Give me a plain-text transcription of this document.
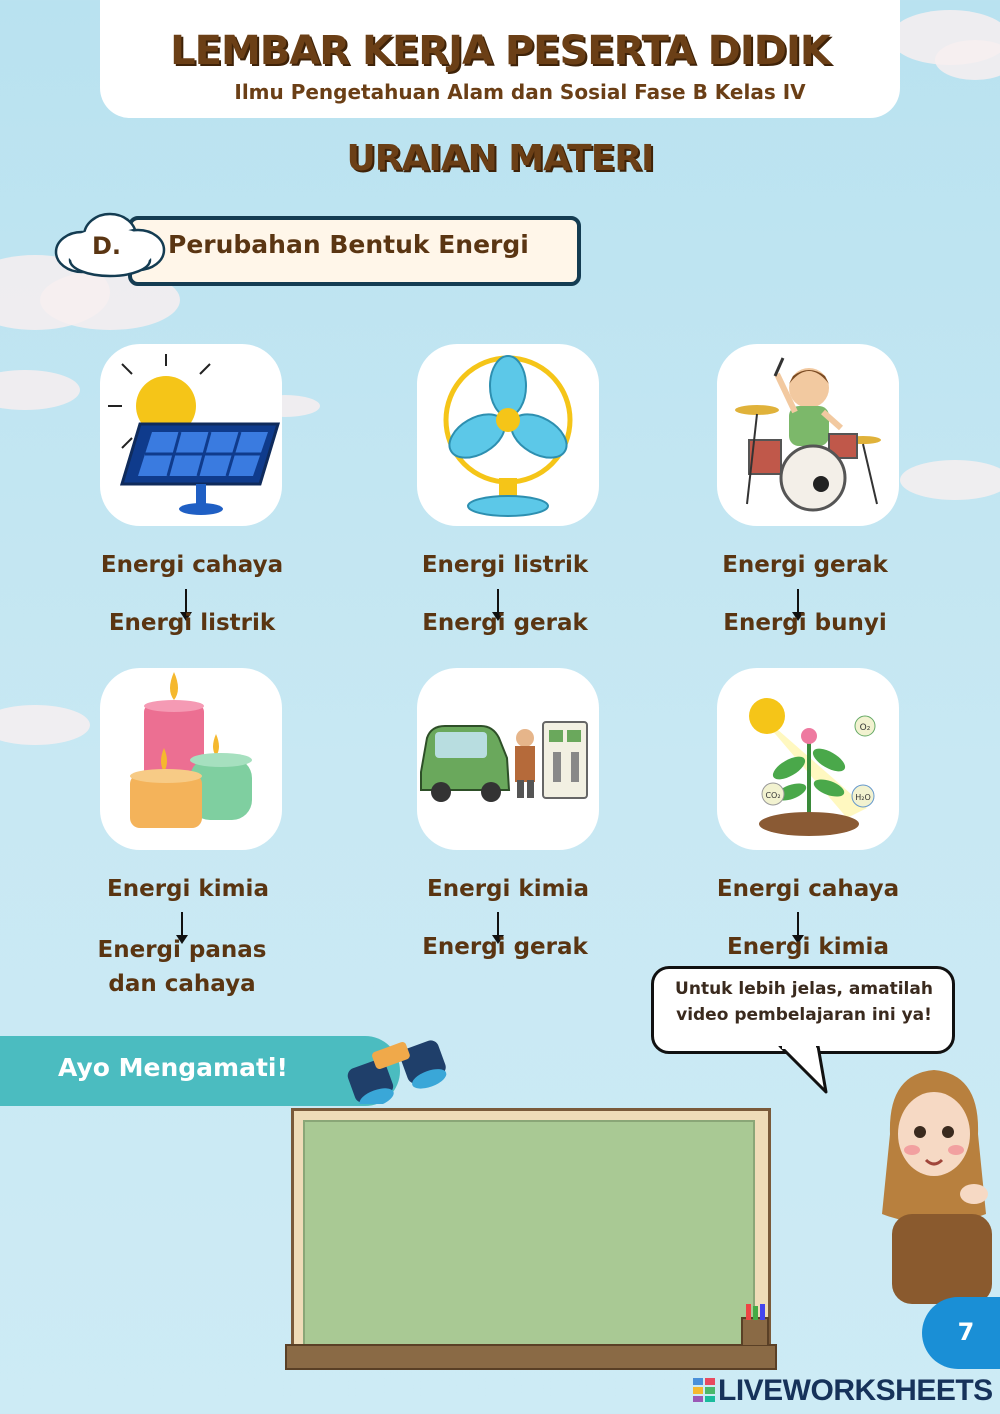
LEMBAR KERJA PESERTA DIDIK
Ilmu Pengetahuan Alam dan Sosial Fase B Kelas IV
URAIAN MATERI
D. Perubahan Bentuk Energi
Energi cahaya
Energi listrik
Energi listrik
Energi gerak
Energi gerak
Energi bunyi
O₂
CO₂	H₂O
Energi kimia
Energi panas
dan cahaya
Energi kimia
Energi gerak
Energi cahaya
Energi kimia
Ayo Mengamati!
Untuk lebih jelas, amatilah video pembelajaran ini ya!
7
LIVEWORKSHEETS
